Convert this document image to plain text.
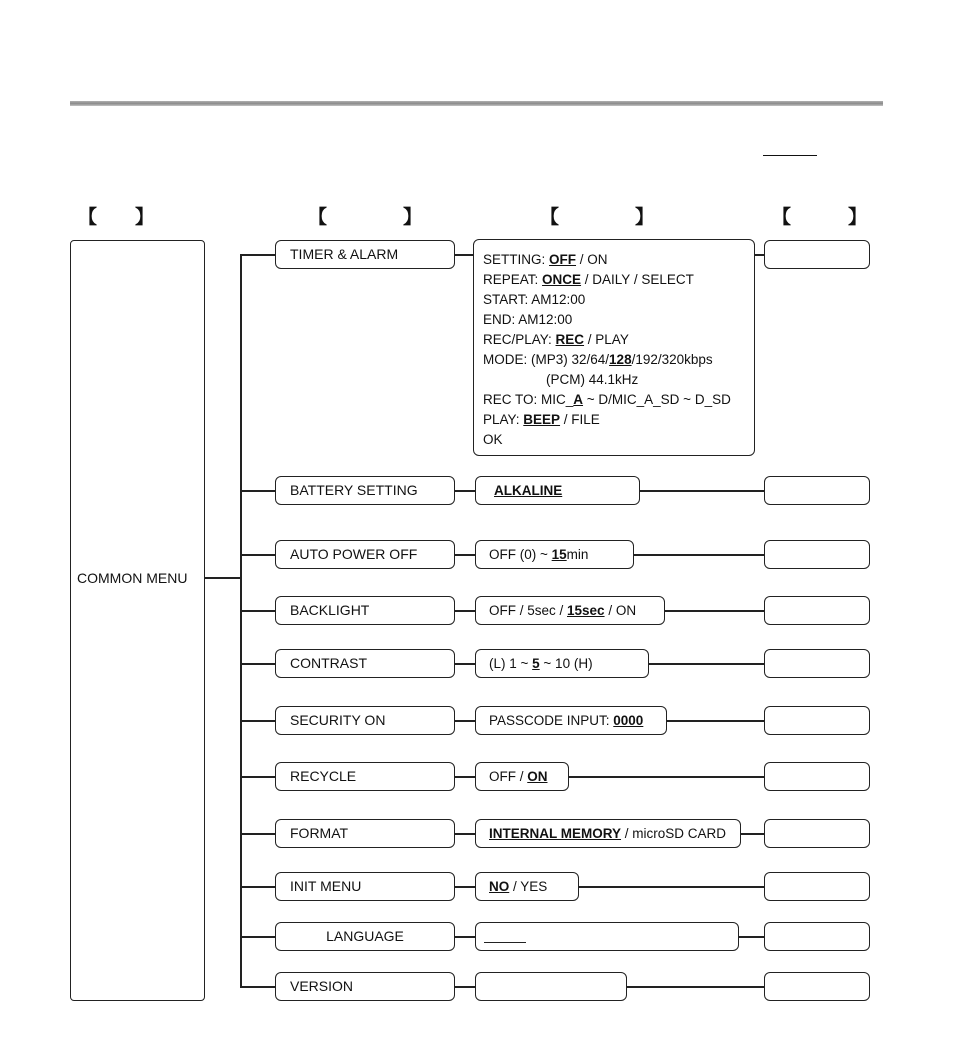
【　　】	【　　　　】	【　　　　】	【　　　】
COMMON MENU
TIMER & ALARM	SETTING: OFF / ON
REPEAT: ONCE / DAILY / SELECT
START: AM12:00
END: AM12:00
REC/PLAY: REC / PLAY
MODE: (MP3) 32/64/128/192/320kbps
(PCM) 44.1kHz
REC TO: MIC_A ~ D/MIC_A_SD ~ D_SD
PLAY: BEEP / FILE
OK
BATTERY SETTING	ALKALINE
AUTO POWER OFF	OFF (0) ~ 15min
BACKLIGHT	OFF / 5sec / 15sec / ON
CONTRAST	(L) 1 ~ 5 ~ 10 (H)
SECURITY ON	PASSCODE INPUT: 0000
RECYCLE	OFF / ON
FORMAT	INTERNAL MEMORY / microSD CARD
INIT MENU	NO / YES
LANGUAGE
VERSION
